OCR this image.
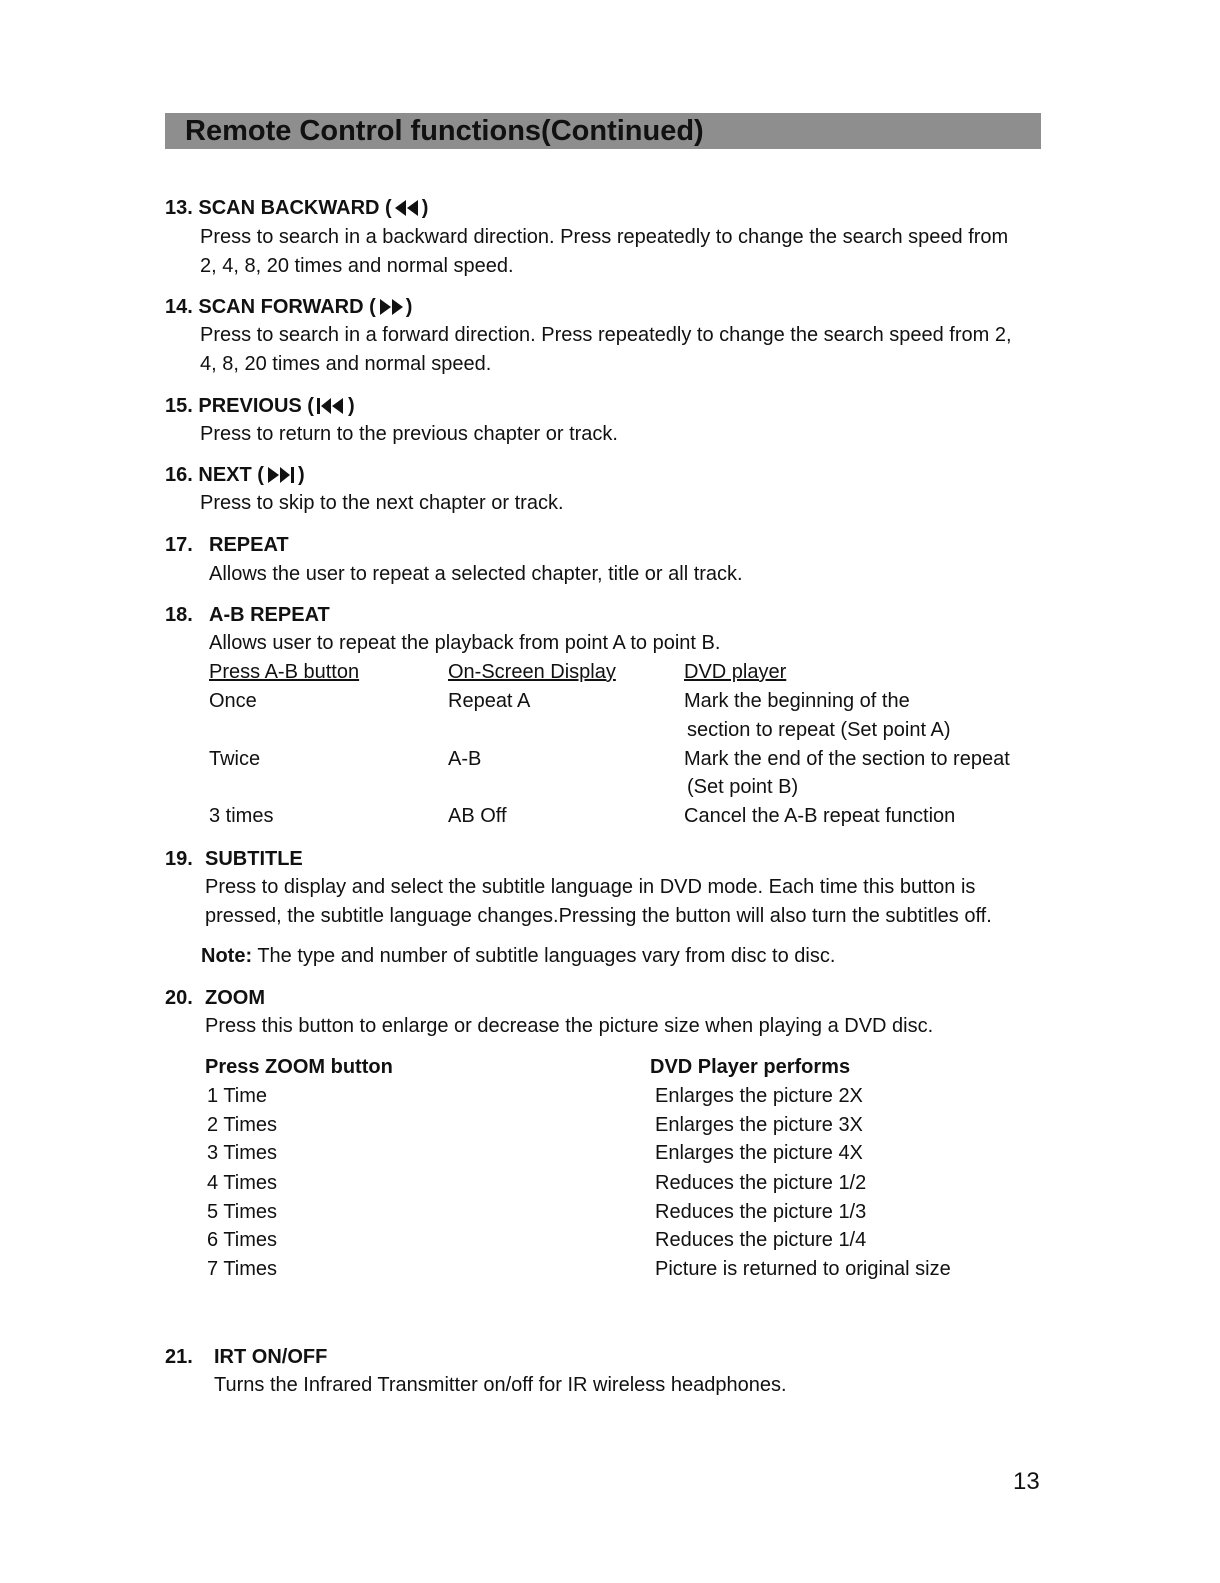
Remote Control functions(Continued)
13. SCAN BACKWARD ( )
Press to search in a backward direction. Press repeatedly to change the search speed from
2, 4, 8, 20 times and normal speed.
14. SCAN FORWARD ( )
Press to search in a forward direction. Press repeatedly to change the search speed from 2,
4, 8, 20 times and normal speed.
15. PREVIOUS ( )
Press to return to the previous chapter or track.
16. NEXT ( )
Press to skip to the next chapter or track.
17. REPEAT
Allows the user to repeat a selected chapter, title or all track.
18. A-B REPEAT
Allows user to repeat the playback from point A to point B.
Press A-B button	On-Screen Display	DVD player
Once	Repeat A	Mark the beginning of the
section to repeat (Set point A)
Twice	A-B	Mark the end of the section to repeat
(Set point B)
3 times	AB Off	Cancel the A-B repeat function
19. SUBTITLE
Press to display and select the subtitle language in DVD mode. Each time this button is
pressed, the subtitle language changes.Pressing the button will also turn the subtitles off.
Note: The type and number of subtitle languages vary from disc to disc.
20. ZOOM
Press this button to enlarge or decrease the picture size when playing a DVD disc.
Press ZOOM button	DVD Player performs
1 Time	Enlarges the picture 2X
2 Times	Enlarges the picture 3X
3 Times	Enlarges the picture 4X
4 Times	Reduces the picture 1/2
5 Times	Reduces the picture 1/3
6 Times	Reduces the picture 1/4
7 Times	Picture is returned to original size
21. IRT ON/OFF
Turns the Infrared Transmitter on/off for IR wireless headphones.
13
